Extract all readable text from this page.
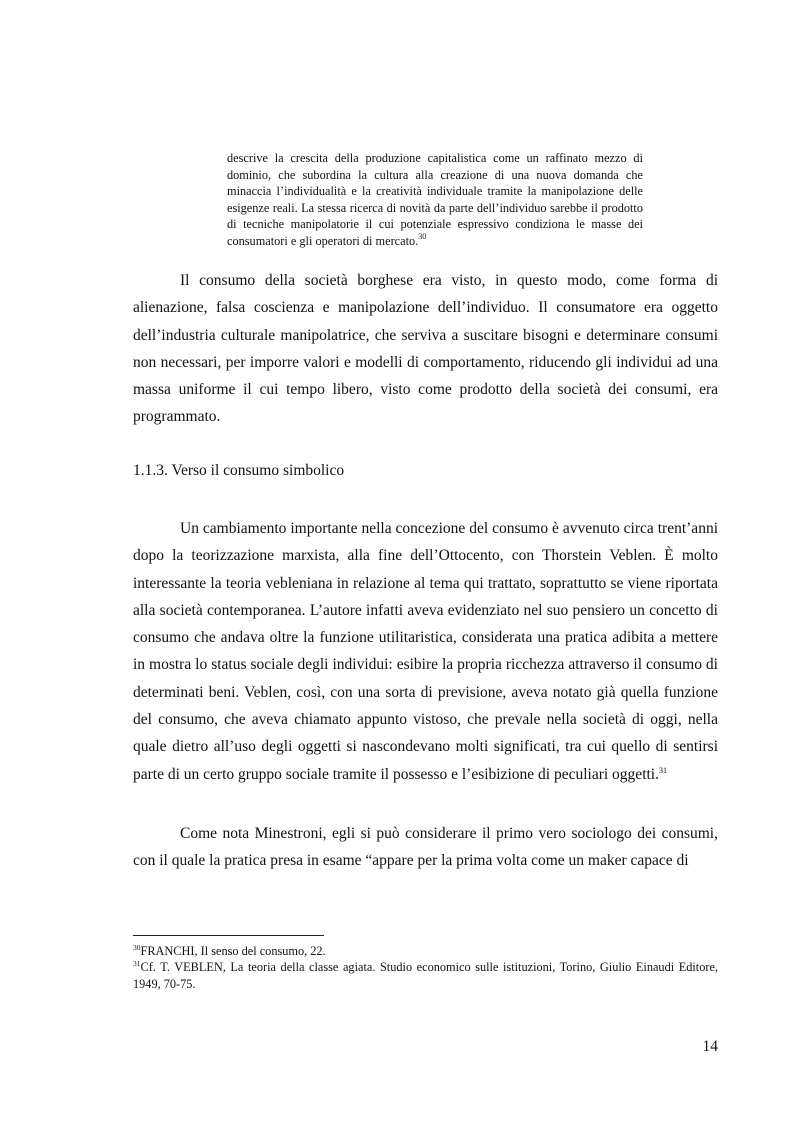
descrive la crescita della produzione capitalistica come un raffinato mezzo di dominio, che subordina la cultura alla creazione di una nuova domanda che minaccia l’individualità e la creatività individuale tramite la manipolazione delle esigenze reali. La stessa ricerca di novità da parte dell’individuo sarebbe il prodotto di tecniche manipolatorie il cui potenziale espressivo condiziona le masse dei consumatori e gli operatori di mercato.$^{30}$

Il consumo della società borghese era visto, in questo modo, come forma di alienazione, falsa coscienza e manipolazione dell’individuo. Il consumatore era oggetto dell’industria culturale manipolatrice, che serviva a suscitare bisogni e determinare consumi non necessari, per imporre valori e modelli di comportamento, riducendo gli individui ad una massa uniforme il cui tempo libero, visto come prodotto della società dei consumi, era programmato.

1.1.3. Verso il consumo simbolico

Un cambiamento importante nella concezione del consumo è avvenuto circa trent’anni dopo la teorizzazione marxista, alla fine dell’Ottocento, con Thorstein Veblen. È molto interessante la teoria vebleniana in relazione al tema qui trattato, soprattutto se viene riportata alla società contemporanea. L’autore infatti aveva evidenziato nel suo pensiero un concetto di consumo che andava oltre la funzione utilitaristica, considerata una pratica adibita a mettere in mostra lo status sociale degli individui: esibire la propria ricchezza attraverso il consumo di determinati beni. Veblen, così, con una sorta di previsione, aveva notato già quella funzione del consumo, che aveva chiamato appunto vistoso, che prevale nella società di oggi, nella quale dietro all’uso degli oggetti si nascondevano molti significati, tra cui quello di sentirsi parte di un certo gruppo sociale tramite il possesso e l’esibizione di peculiari oggetti.$^{31}$

Come nota Minestroni, egli si può considerare il primo vero sociologo dei consumi, con il quale la pratica presa in esame “appare per la prima volta come un maker capace di

$^{30}$FRANCHI, Il senso del consumo, 22.

$^{31}$Cf. T. VEBLEN, La teoria della classe agiata. Studio economico sulle istituzioni, Torino, Giulio Einaudi Editore, 1949, 70-75.

14
